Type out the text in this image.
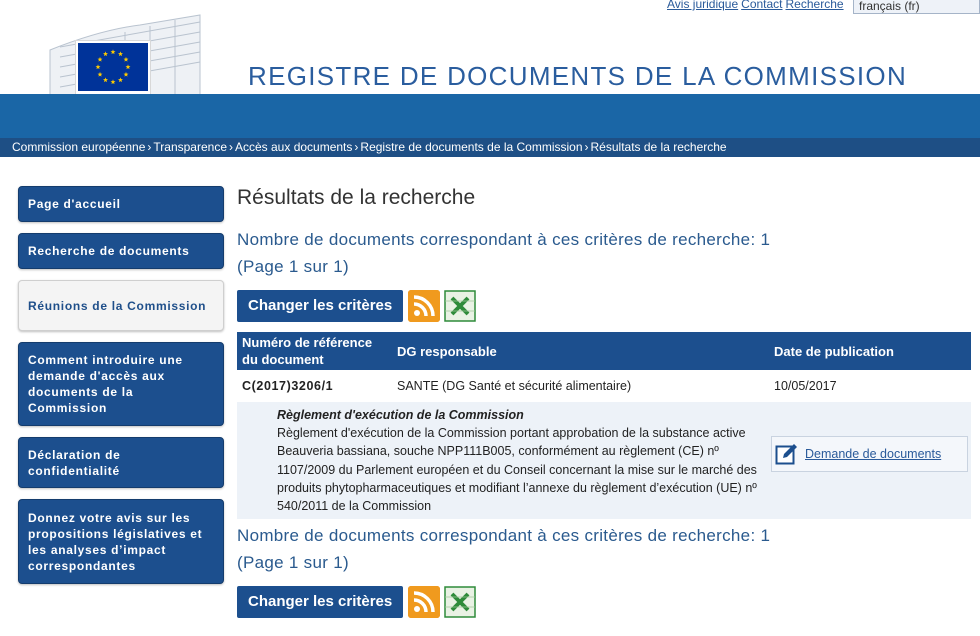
Avis juridique Contact Recherche	français (fr)
REGISTRE DE DOCUMENTS DE LA COMMISSION
Commission européenne › Transparence › Accès aux documents › Registre de documents de la Commission › Résultats de la recherche
Page d'accueil
Recherche de documents
Réunions de la Commission
Comment introduire une demande d'accès aux documents de la Commission
Déclaration de confidentialité
Donnez votre avis sur les propositions législatives et les analyses d’impact correspondantes
Résultats de la recherche
Nombre de documents correspondant à ces critères de recherche: 1
(Page 1 sur 1)
Changer les critères
Numéro de référence du document	DG responsable	Date de publication
C(2017)3206/1	SANTE (DG Santé et sécurité alimentaire)	10/05/2017

Règlement d'exécution de la Commission
Règlement d'exécution de la Commission portant approbation de la substance active Beauveria bassiana, souche NPP111B005, conformément au règlement (CE) nº 1107/2009 du Parlement européen et du Conseil concernant la mise sur le marché des produits phytopharmaceutiques et modifiant l’annexe du règlement d’exécution (UE) nº 540/2011 de la Commission		Demande de documents
Nombre de documents correspondant à ces critères de recherche: 1
(Page 1 sur 1)
Changer les critères
